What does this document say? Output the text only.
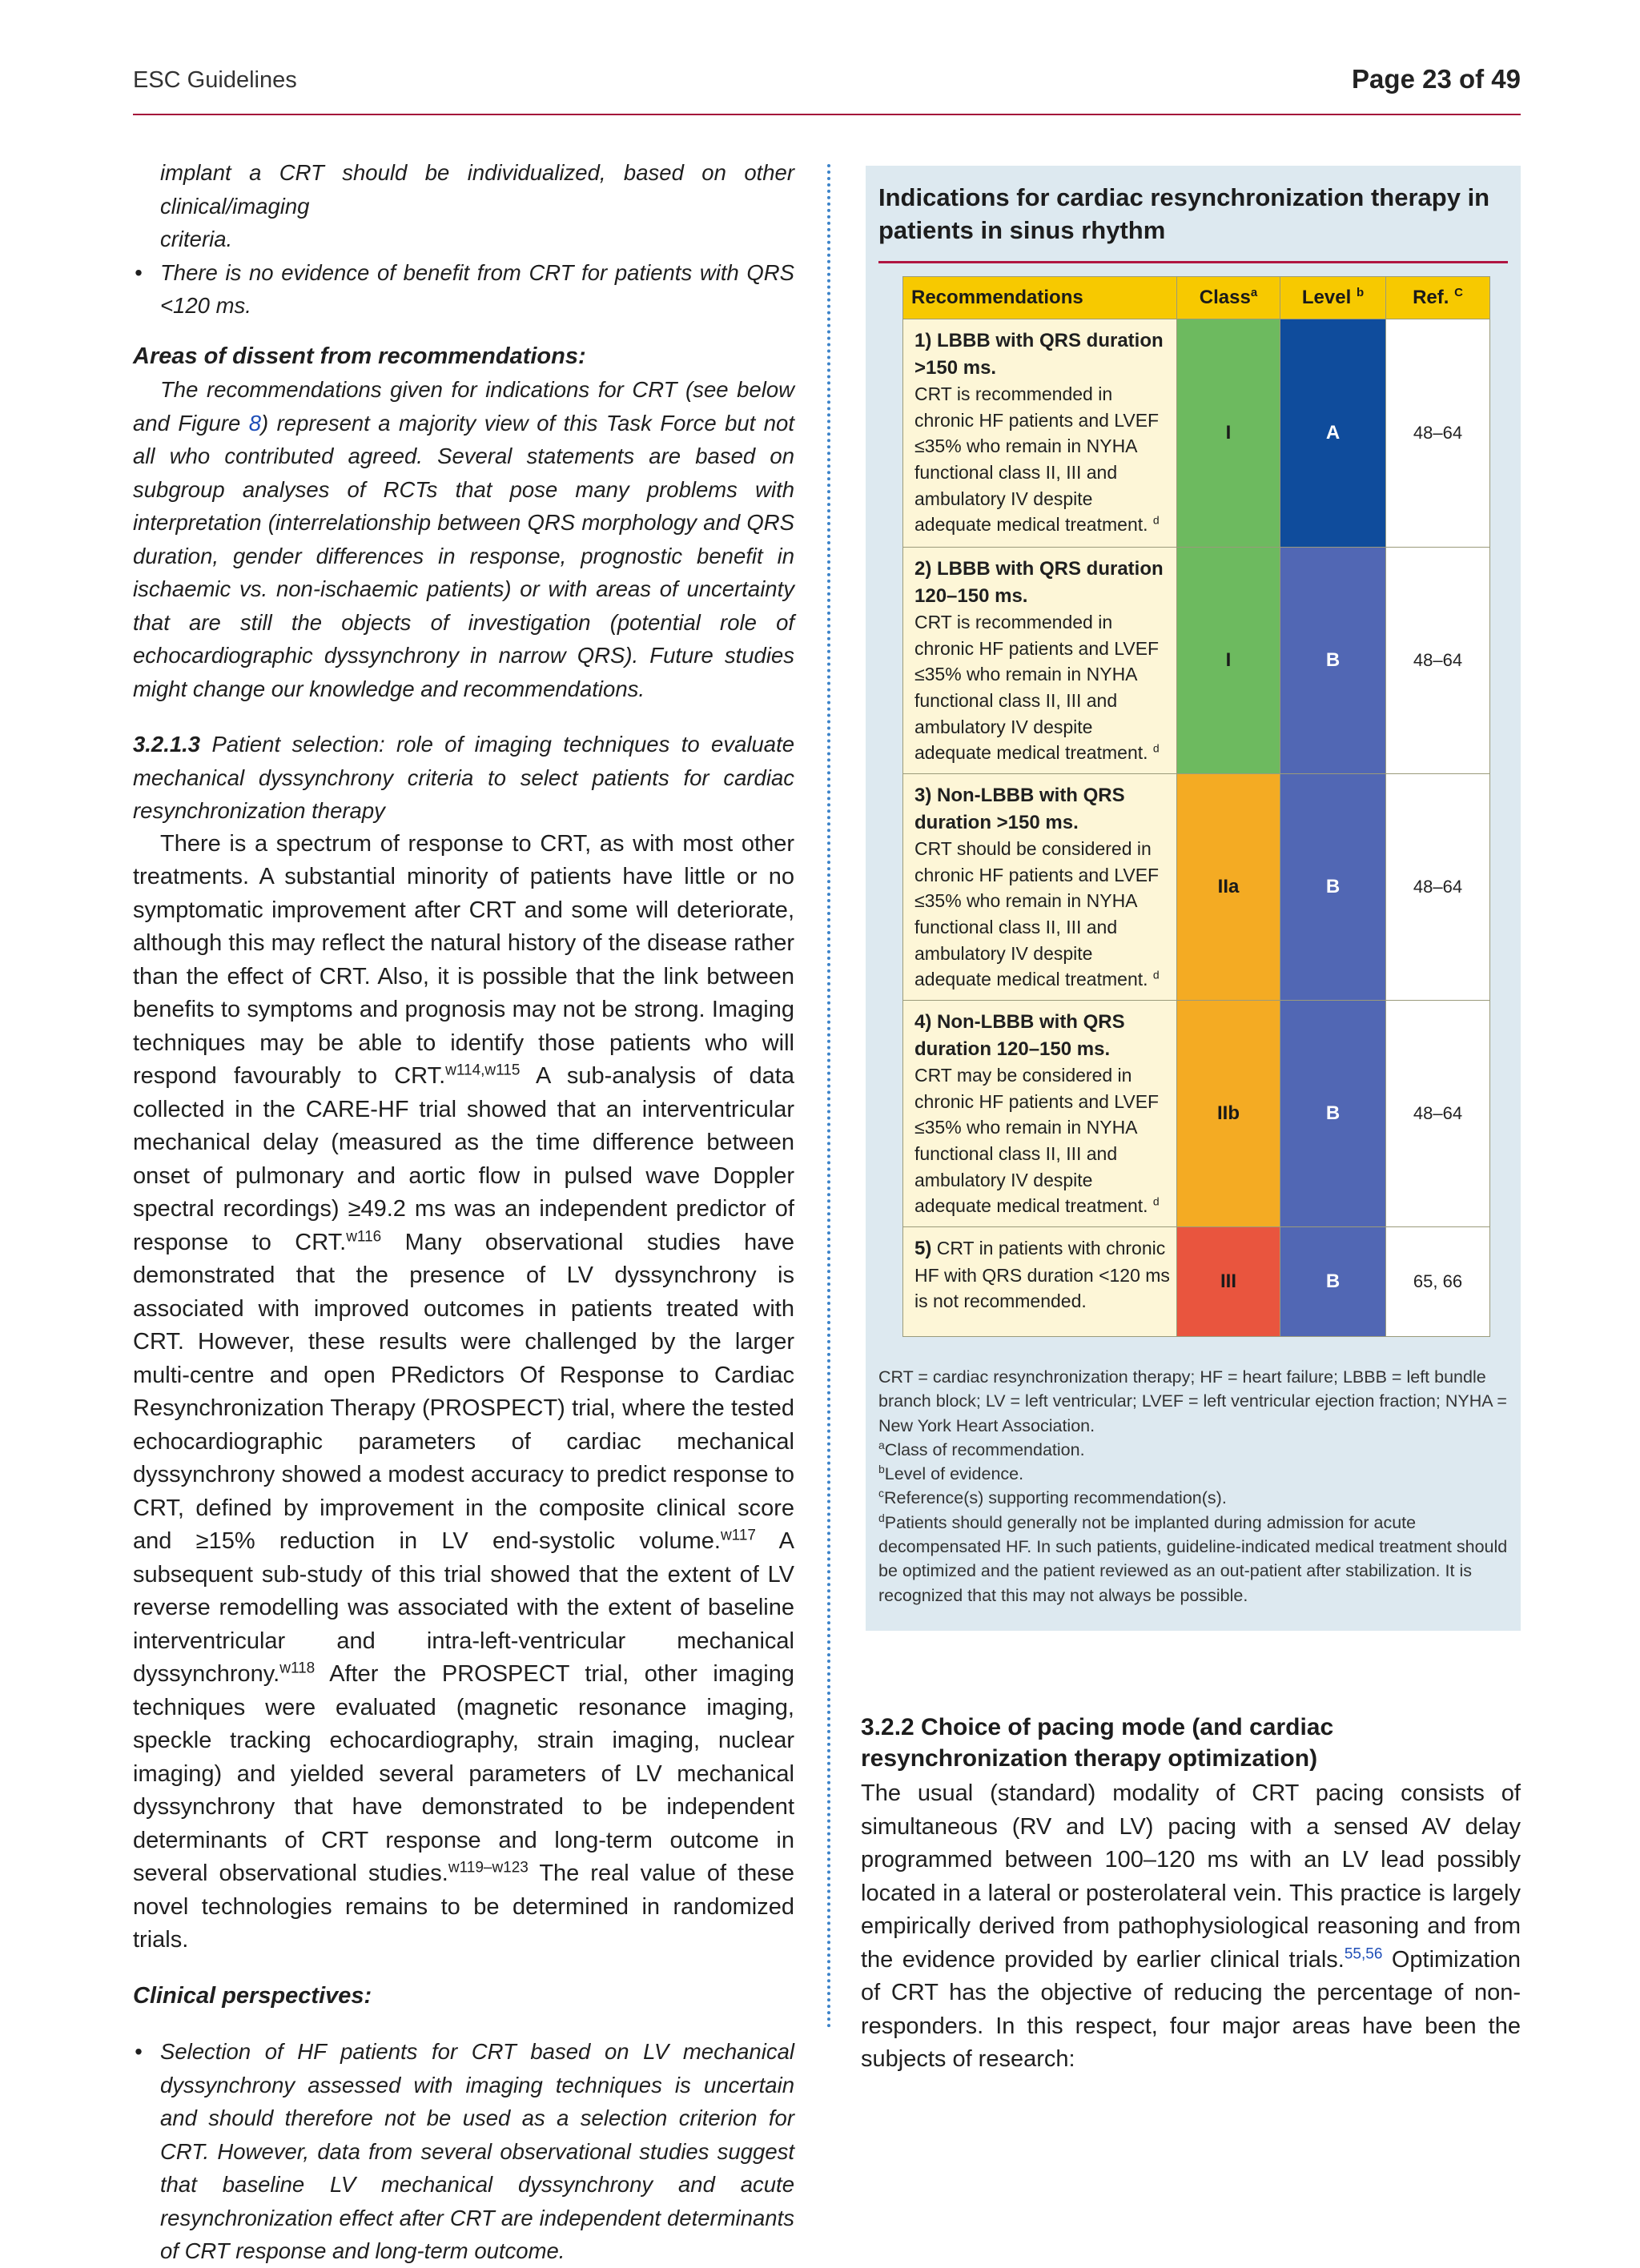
ESC Guidelines	Page 23 of 49

implant a CRT should be individualized, based on other clinical/imaging
criteria.

• There is no evidence of benefit from CRT for patients with QRS <120 ms.

Areas of dissent from recommendations:

The recommendations given for indications for CRT (see below and Figure 8) represent a majority view of this Task Force but not all who contributed agreed. Several statements are based on subgroup analyses of RCTs that pose many problems with interpretation (interrelationship between QRS morphology and QRS duration, gender differences in response, prognostic benefit in ischaemic vs. non-ischaemic patients) or with areas of uncertainty that are still the objects of investigation (potential role of echocardiographic dyssynchrony in narrow QRS). Future studies might change our knowledge and recommendations.

3.2.1.3 Patient selection: role of imaging techniques to evaluate mechanical dyssynchrony criteria to select patients for cardiac resynchronization therapy

There is a spectrum of response to CRT, as with most other treatments. A substantial minority of patients have little or no symptomatic improvement after CRT and some will deteriorate, although this may reflect the natural history of the disease rather than the effect of CRT. Also, it is possible that the link between benefits to symptoms and prognosis may not be strong. Imaging techniques may be able to identify those patients who will respond favourably to CRT.$^{w114,w115}$ A sub-analysis of data collected in the CARE-HF trial showed that an interventricular mechanical delay (measured as the time difference between onset of pulmonary and aortic flow in pulsed wave Doppler spectral recordings) ≥49.2 ms was an independent predictor of response to CRT.$^{w116}$ Many observational studies have demonstrated that the presence of LV dyssynchrony is associated with improved outcomes in patients treated with CRT. However, these results were challenged by the larger multi-centre and open PRedictors Of Response to Cardiac Resynchronization Therapy (PROSPECT) trial, where the tested echocardiographic parameters of cardiac mechanical dyssynchrony showed a modest accuracy to predict response to CRT, defined by improvement in the composite clinical score and ≥15% reduction in LV end-systolic volume.$^{w117}$ A subsequent sub-study of this trial showed that the extent of LV reverse remodelling was associated with the extent of baseline interventricular and intra-left-ventricular mechanical dyssynchrony.$^{w118}$ After the PROSPECT trial, other imaging techniques were evaluated (magnetic resonance imaging, speckle tracking echocardiography, strain imaging, nuclear imaging) and yielded several parameters of LV mechanical dyssynchrony that have demonstrated to be independent determinants of CRT response and long-term outcome in several observational studies.$^{w119-w123}$ The real value of these novel technologies remains to be determined in randomized trials.

Clinical perspectives:

• Selection of HF patients for CRT based on LV mechanical dyssynchrony assessed with imaging techniques is uncertain and should therefore not be used as a selection criterion for CRT. However, data from several observational studies suggest that baseline LV mechanical dyssynchrony and acute resynchronization effect after CRT are independent determinants of CRT response and long-term outcome.

Indications for cardiac resynchronization therapy in patients in sinus rhythm
Recommendations	Class$^a$	Level $^b$	Ref. $^C$
1) LBBB with QRS duration >150 ms.
CRT is recommended in chronic HF patients and LVEF ≤35% who remain in NYHA functional class II, III and ambulatory IV despite adequate medical treatment. $^d$	I	A	48–64
2) LBBB with QRS duration 120–150 ms.
CRT is recommended in chronic HF patients and LVEF ≤35% who remain in NYHA functional class II, III and ambulatory IV despite adequate medical treatment. $^d$	I	B	48–64
3) Non-LBBB with QRS duration >150 ms.
CRT should be considered in chronic HF patients and LVEF ≤35% who remain in NYHA functional class II, III and ambulatory IV despite adequate medical treatment. $^d$	IIa	B	48–64
4) Non-LBBB with QRS duration 120–150 ms.
CRT may be considered in chronic HF patients and LVEF ≤35% who remain in NYHA functional class II, III and ambulatory IV despite adequate medical treatment. $^d$	IIb	B	48–64
5) CRT in patients with chronic HF with QRS duration <120 ms is not recommended.	III	B	65, 66
CRT = cardiac resynchronization therapy; HF = heart failure; LBBB = left bundle branch block; LV = left ventricular; LVEF = left ventricular ejection fraction; NYHA = New York Heart Association.
$^a$Class of recommendation.
$^b$Level of evidence.
$^c$Reference(s) supporting recommendation(s).
$^d$Patients should generally not be implanted during admission for acute decompensated HF. In such patients, guideline-indicated medical treatment should be optimized and the patient reviewed as an out-patient after stabilization. It is recognized that this may not always be possible.
3.2.2 Choice of pacing mode (and cardiac resynchronization therapy optimization)

The usual (standard) modality of CRT pacing consists of simultaneous (RV and LV) pacing with a sensed AV delay programmed between 100–120 ms with an LV lead possibly located in a lateral or posterolateral vein. This practice is largely empirically derived from pathophysiological reasoning and from the evidence provided by earlier clinical trials.$^{55,56}$ Optimization of CRT has the objective of reducing the percentage of non-responders. In this respect, four major areas have been the subjects of research:
